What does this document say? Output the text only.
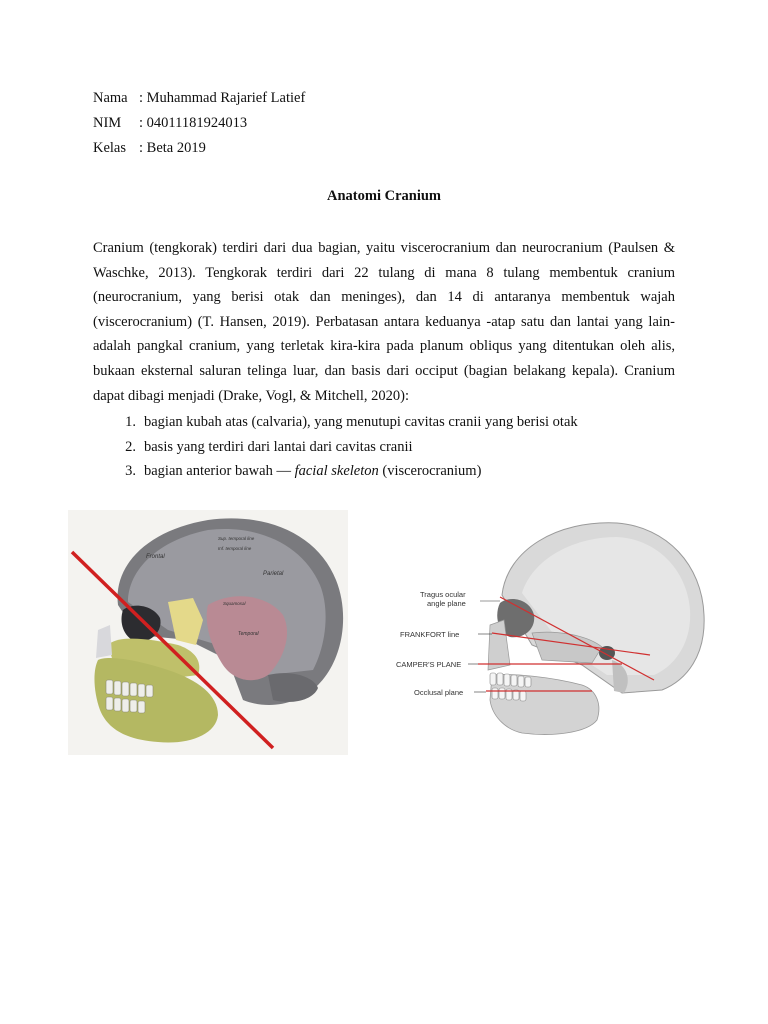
Nama : Muhammad Rajarief Latief
NIM	: 04011181924013
Kelas : Beta 2019
Anatomi Cranium

Cranium (tengkorak) terdiri dari dua bagian, yaitu viscerocranium dan neurocranium (Paulsen & Waschke, 2013). Tengkorak terdiri dari 22 tulang di mana 8 tulang membentuk cranium (neurocranium, yang berisi otak dan meninges), dan 14 di antaranya membentuk wajah (viscerocranium) (T. Hansen, 2019). Perbatasan antara keduanya -atap satu dan lantai yang lain- adalah pangkal cranium, yang terletak kira-kira pada planum obliqus yang ditentukan oleh alis, bukaan eksternal saluran telinga luar, dan basis dari occiput (bagian belakang kepala). Cranium dapat dibagi menjadi (Drake, Vogl, & Mitchell, 2020):

1. bagian kubah atas (calvaria), yang menutupi cavitas cranii yang berisi otak
2. basis yang terdiri dari lantai dari cavitas cranii
3. bagian anterior bawah — facial skeleton (viscerocranium)
Frontal
Parietal
Temporal
Sup. temporal line
Inf. temporal line
Squamosal
Tragus ocular
angle plane
FRANKFORT line
CAMPER'S PLANE
Occlusal plane
